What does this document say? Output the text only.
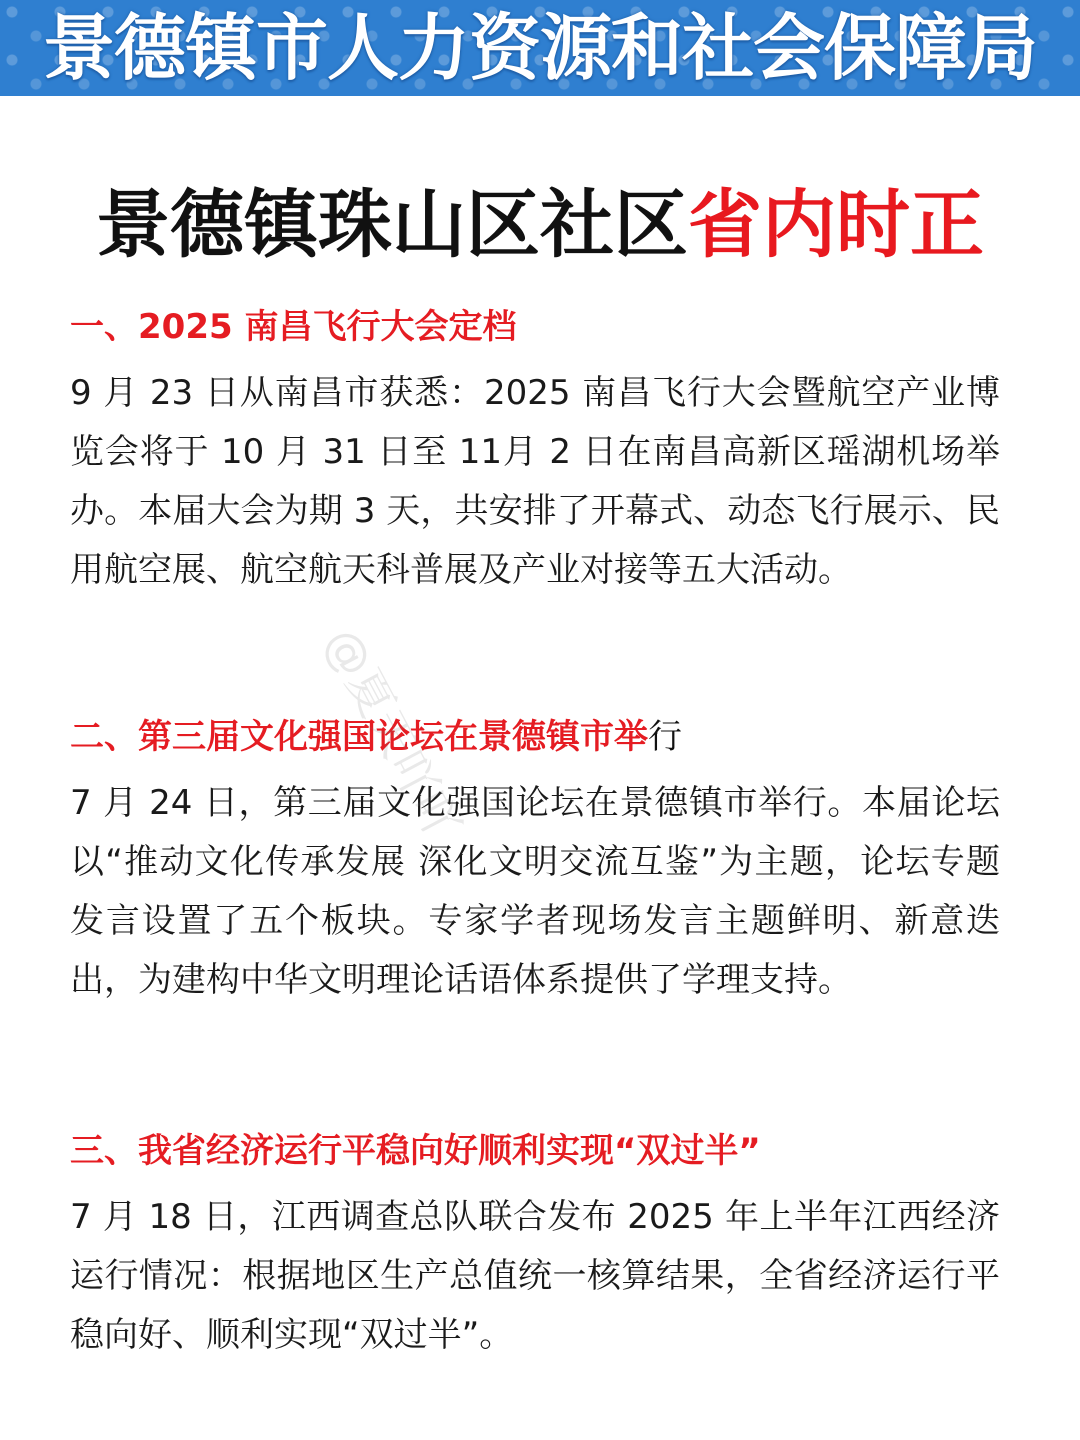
景德镇市人力资源和社会保障局
景德镇珠山区社区省内时正
一、2025 南昌飞行大会定档

9 月 23 日从南昌市获悉：2025 南昌飞行大会暨航空产业博览会将于 10 月 31 日至 11月 2 日在南昌高新区瑶湖机场举办。本届大会为期 3 天，共安排了开幕式、动态飞行展示、民用航空展、航空航天科普展及产业对接等五大活动。

二、第三届文化强国论坛在景德镇市举行

7 月 24 日，第三届文化强国论坛在景德镇市举行。本届论坛以“推动文化传承发展 深化文明交流互鉴”为主题，论坛专题发言设置了五个板块。专家学者现场发言主题鲜明、新意迭出，为建构中华文明理论话语体系提供了学理支持。

三、我省经济运行平稳向好顺利实现“双过半”

7 月 18 日，江西调查总队联合发布 2025 年上半年江西经济运行情况：根据地区生产总值统一核算结果，全省经济运行平稳向好、顺利实现“双过半”。

@夏天吖吖
